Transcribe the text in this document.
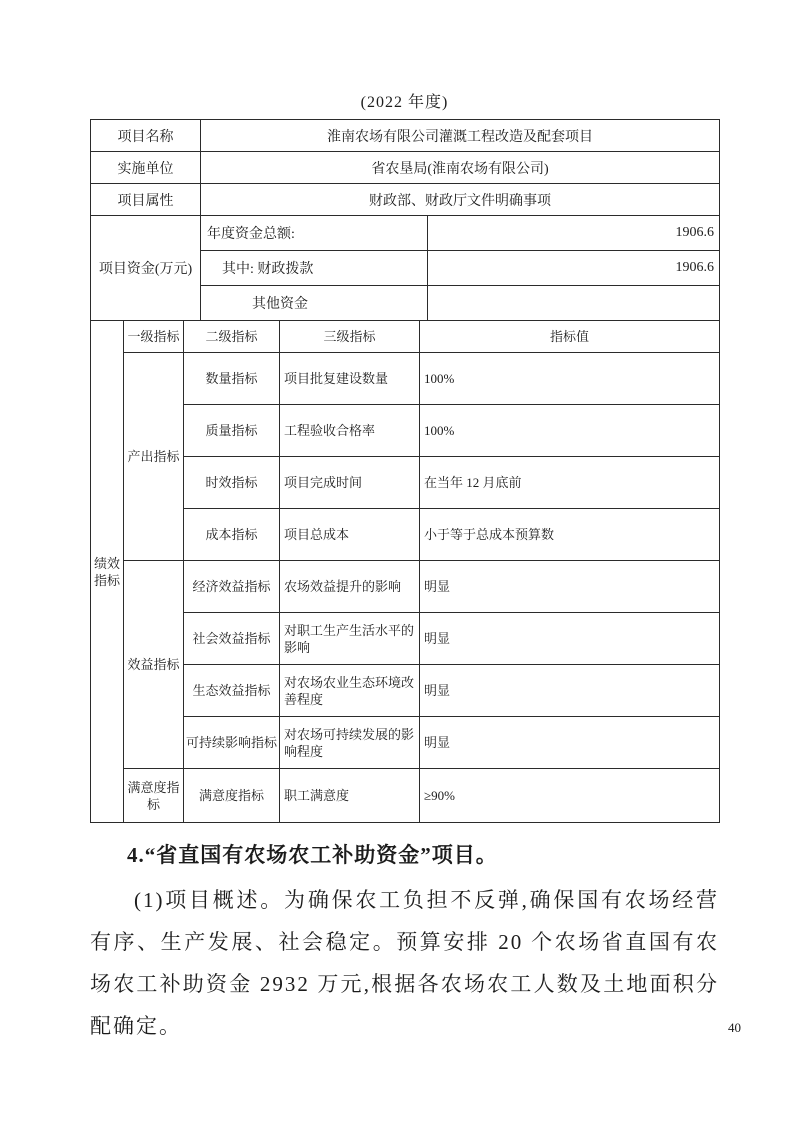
(2022 年度)
项目名称	淮南农场有限公司灌溉工程改造及配套项目
实施单位	省农垦局(淮南农场有限公司)
项目属性	财政部、财政厅文件明确事项
项目资金(万元)	年度资金总额:	1906.6
	其中: 财政拨款	1906.6
	其他资金	
绩效指标	一级指标	二级指标	三级指标	指标值
	产出指标	数量指标	项目批复建设数量	100%
		质量指标	工程验收合格率	100%
		时效指标	项目完成时间	在当年 12 月底前
		成本指标	项目总成本	小于等于总成本预算数
	效益指标	经济效益指标	农场效益提升的影响	明显
		社会效益指标	对职工生产生活水平的影响	明显
		生态效益指标	对农场农业生态环境改善程度	明显
		可持续影响指标	对农场可持续发展的影响程度	明显
	满意度指标	满意度指标	职工满意度	≥90%
4.“省直国有农场农工补助资金”项目。

(1)项目概述。为确保农工负担不反弹,确保国有农场经营有序、生产发展、社会稳定。预算安排 20 个农场省直国有农场农工补助资金 2932 万元,根据各农场农工人数及土地面积分配确定。	40
